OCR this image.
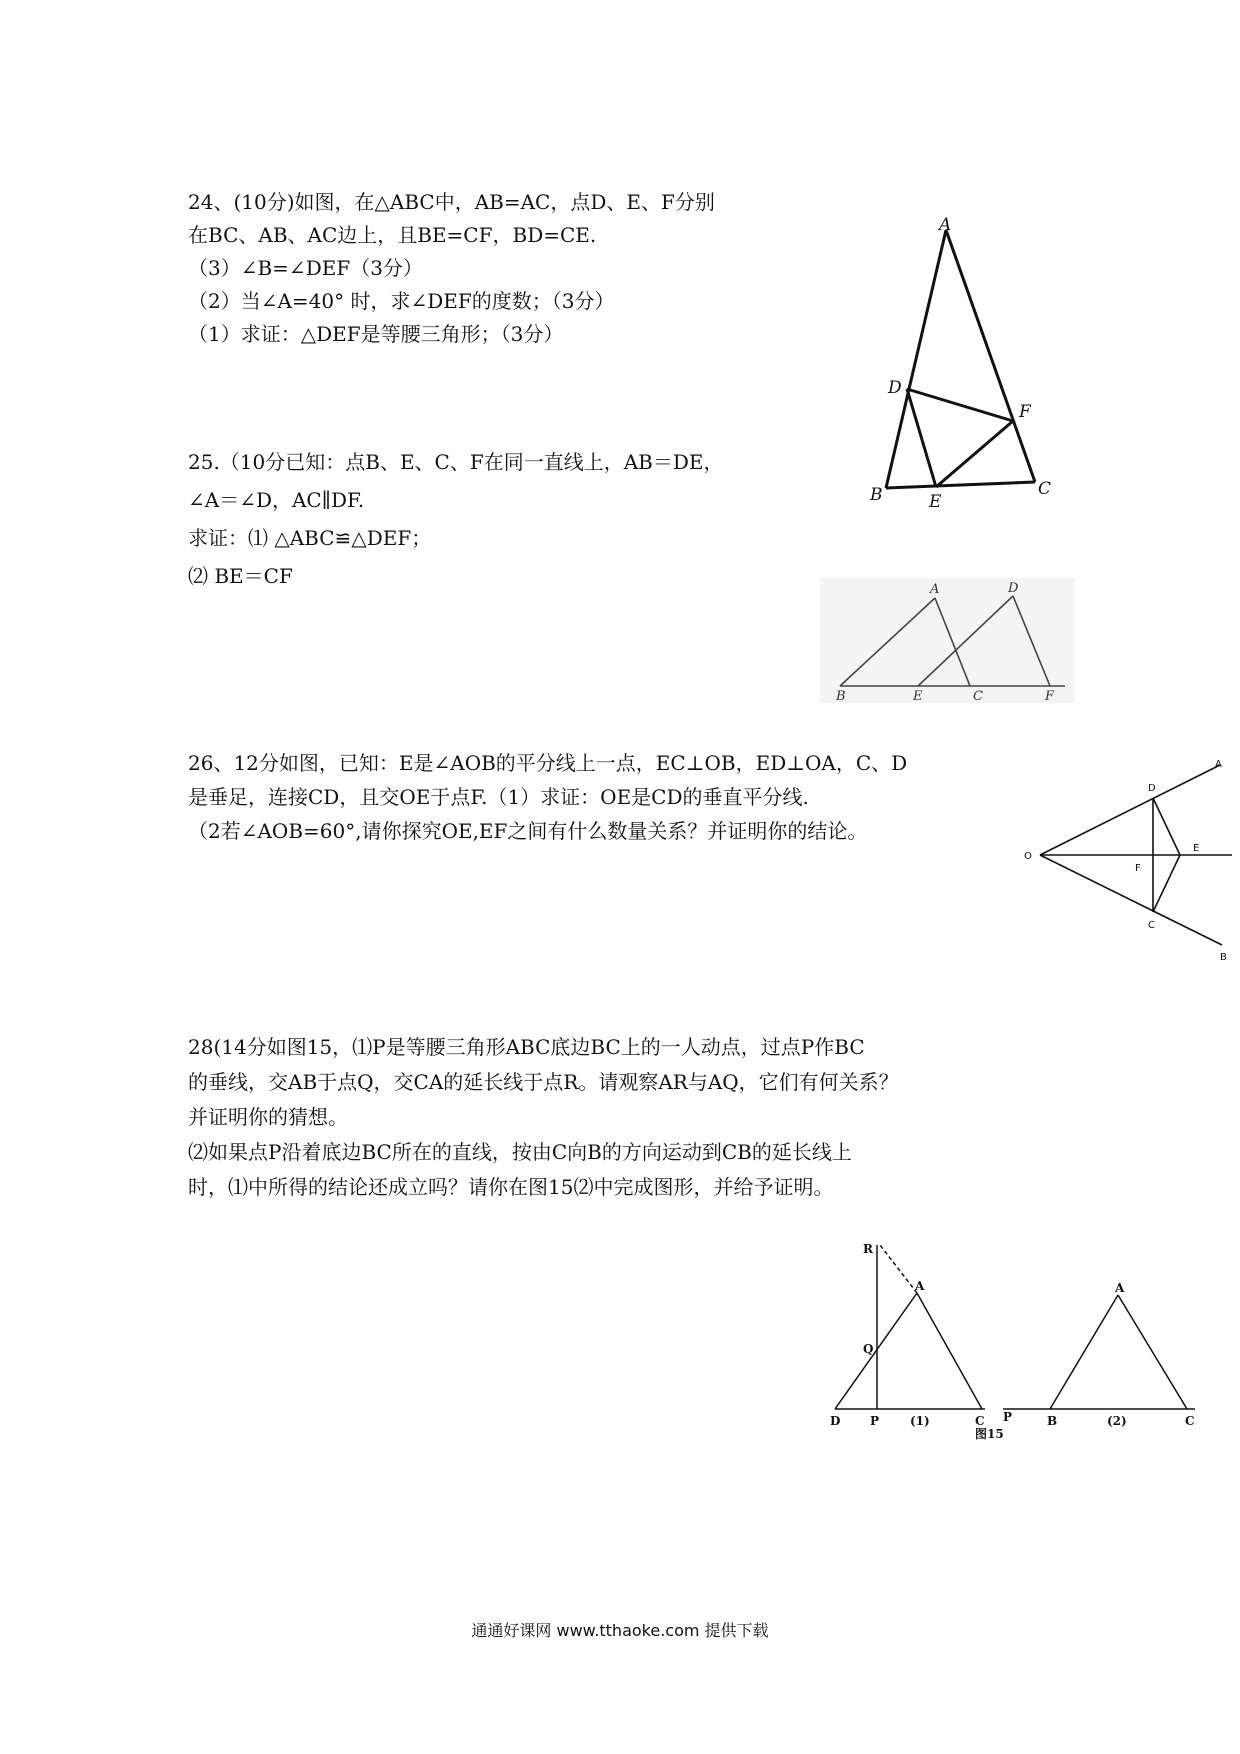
24、(10分)如图，在△ABC中，AB=AC，点D、E、F分别
在BC、AB、AC边上，且BE=CF，BD=CE.
（3）∠B=∠DEF（3分）
（2）当∠A=40° 时，求∠DEF的度数；（3分）
（1）求证：△DEF是等腰三角形；（3分）
A
B	C
D
E
F
25.（10分已知：点B、E、C、F在同一直线上，AB＝DE，
∠A＝∠D，AC∥DF.
求证：⑴ △ABC≌△DEF；
⑵ BE＝CF
A	D
B	E	C	F
26、12分如图，已知：E是∠AOB的平分线上一点，EC⊥OB，ED⊥OA，C、D
是垂足，连接CD，且交OE于点F.（1）求证：OE是CD的垂直平分线.
（2若∠AOB=60°,请你探究OE,EF之间有什么数量关系？并证明你的结论。
A
B
O
D
E
F
C
28(14分如图15，⑴P是等腰三角形ABC底边BC上的一人动点，过点P作BC
的垂线，交AB于点Q，交CA的延长线于点R。请观察AR与AQ，它们有何关系？
并证明你的猜想。
⑵如果点P沿着底边BC所在的直线，按由C向B的方向运动到CB的延长线上
时，⑴中所得的结论还成立吗？请你在图15⑵中完成图形，并给予证明。
R
A
Q
D P	(1)	C
图15
A
P	B	(2)	C
通通好课网 www.tthaoke.com 提供下载
